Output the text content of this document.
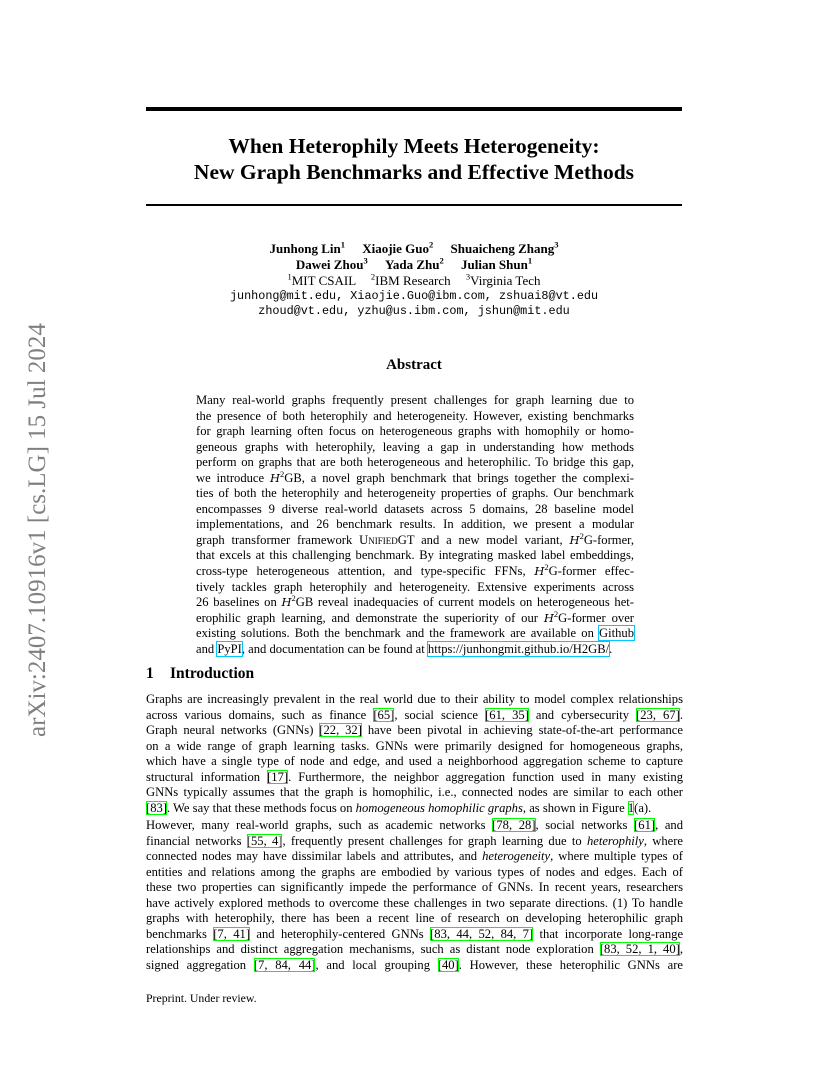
arXiv:2407.10916v1 [cs.LG] 15 Jul 2024
When Heterophily Meets Heterogeneity:
New Graph Benchmarks and Effective Methods
Junhong Lin$^1$ Xiaojie Guo$^2$ Shuaicheng Zhang$^3$
Dawei Zhou$^3$ Yada Zhu$^2$ Julian Shun$^1$
$^1$MIT CSAIL $^2$IBM Research $^3$Virginia Tech
junhong@mit.edu, Xiaojie.Guo@ibm.com, zshuai8@vt.edu
zhoud@vt.edu, yzhu@us.ibm.com, jshun@mit.edu
Abstract
Many real-world graphs frequently present challenges for graph learning due to
the presence of both heterophily and heterogeneity. However, existing benchmarks
for graph learning often focus on heterogeneous graphs with homophily or homo-
geneous graphs with heterophily, leaving a gap in understanding how methods
perform on graphs that are both heterogeneous and heterophilic. To bridge this gap,
we introduce $H^2GB$, a novel graph benchmark that brings together the complexi-
ties of both the heterophily and heterogeneity properties of graphs. Our benchmark
encompasses 9 diverse real-world datasets across 5 domains, 28 baseline model
implementations, and 26 benchmark results. In addition, we present a modular
graph transformer framework UnifiedGT and a new model variant, $H^2G$-former,
that excels at this challenging benchmark. By integrating masked label embeddings,
cross-type heterogeneous attention, and type-specific FFNs, $H^2G$-former effec-
tively tackles graph heterophily and heterogeneity. Extensive experiments across
26 baselines on $H^2GB$ reveal inadequacies of current models on heterogeneous het-
erophilic graph learning, and demonstrate the superiority of our $H^2G$-former over
existing solutions. Both the benchmark and the framework are available on Github
and PyPI, and documentation can be found at https://junhongmit.github.io/H2GB/.
1 Introduction
Graphs are increasingly prevalent in the real world due to their ability to model complex relationships
across various domains, such as finance [65], social science [61, 35] and cybersecurity [23, 67].
Graph neural networks (GNNs) [22, 32] have been pivotal in achieving state-of-the-art performance
on a wide range of graph learning tasks. GNNs were primarily designed for homogeneous graphs,
which have a single type of node and edge, and used a neighborhood aggregation scheme to capture
structural information [17]. Furthermore, the neighbor aggregation function used in many existing
GNNs typically assumes that the graph is homophilic, i.e., connected nodes are similar to each other
[83]. We say that these methods focus on homogeneous homophilic graphs, as shown in Figure 1(a).
However, many real-world graphs, such as academic networks [78, 28], social networks [61], and
financial networks [55, 4], frequently present challenges for graph learning due to heterophily, where
connected nodes may have dissimilar labels and attributes, and heterogeneity, where multiple types of
entities and relations among the graphs are embodied by various types of nodes and edges. Each of
these two properties can significantly impede the performance of GNNs. In recent years, researchers
have actively explored methods to overcome these challenges in two separate directions. (1) To handle
graphs with heterophily, there has been a recent line of research on developing heterophilic graph
benchmarks [7, 41] and heterophily-centered GNNs [83, 44, 52, 84, 7] that incorporate long-range
relationships and distinct aggregation mechanisms, such as distant node exploration [83, 52, 1, 40],
signed aggregation [7, 84, 44], and local grouping [40]. However, these heterophilic GNNs are
Preprint. Under review.
